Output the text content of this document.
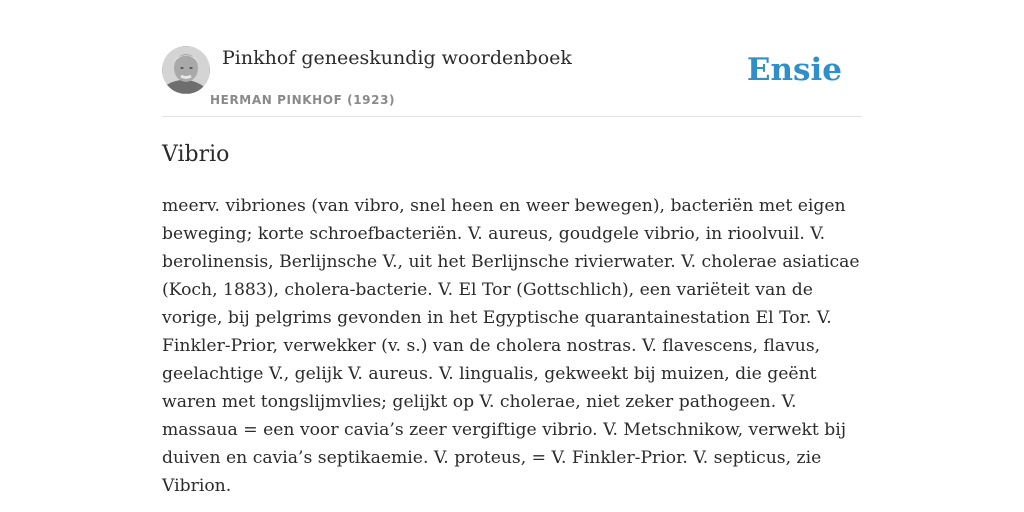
Pinkhof geneeskundig woordenboek
HERMAN PINKHOF (1923)
Ensie
Vibrio

meerv. vibriones (van vibro, snel heen en weer bewegen), bacteriën met eigen beweging; korte schroefbacteriën. V. aureus, goudgele vibrio, in rioolvuil. V. berolinensis, Berlijnsche V., uit het Berlijnsche rivierwater. V. cholerae asiaticae (Koch, 1883), cholera-bacterie. V. El Tor (Gottschlich), een variëteit van de vorige, bij pelgrims gevonden in het Egyptische quarantainestation El Tor. V. Finkler-Prior, verwekker (v. s.) van de cholera nostras. V. flavescens, flavus, geelachtige V., gelijk V. aureus. V. lingualis, gekweekt bij muizen, die geënt waren met tongslijmvlies; gelijkt op V. cholerae, niet zeker pathogeen. V. massaua = een voor cavia’s zeer vergiftige vibrio. V. Metschnikow, verwekt bij duiven en cavia’s septikaemie. V. proteus, = V. Finkler-Prior. V. septicus, zie Vibrion.
